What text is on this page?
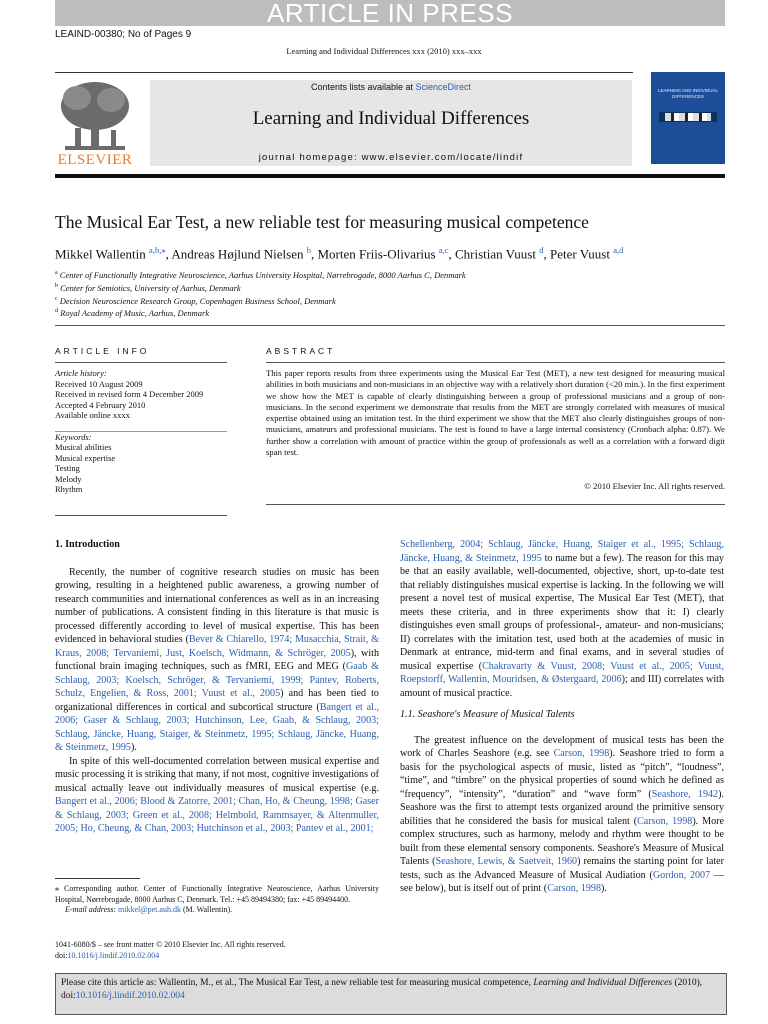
ARTICLE IN PRESS
LEAIND-00380; No of Pages 9
Learning and Individual Differences xxx (2010) xxx–xxx
ELSEVIER
Contents lists available at ScienceDirect
Learning and Individual Differences
journal homepage: www.elsevier.com/locate/lindif
LEARNING AND INDIVIDUAL DIFFERENCES
The Musical Ear Test, a new reliable test for measuring musical competence
Mikkel Wallentin $^{a,b,⁎}$, Andreas Højlund Nielsen $^b$, Morten Friis-Olivarius $^{a,c}$, Christian Vuust $^d$, Peter Vuust $^{a,d}$
$^a$ Center of Functionally Integrative Neuroscience, Aarhus University Hospital, Nørrebrogade, 8000 Aarhus C, Denmark
$^b$ Center for Semiotics, University of Aarhus, Denmark
$^c$ Decision Neuroscience Research Group, Copenhagen Business School, Denmark
$^d$ Royal Academy of Music, Aarhus, Denmark
ARTICLE INFO	ABSTRACT
Article history:
Received 10 August 2009
Received in revised form 4 December 2009
Accepted 4 February 2010
Available online xxxx
Keywords:
Musical abilities
Musical expertise
Testing
Melody
Rhythm
This paper reports results from three experiments using the Musical Ear Test (MET), a new test designed for measuring musical abilities in both musicians and non-musicians in an objective way with a relatively short duration (<20 min.). In the first experiment we show how the MET is capable of clearly distinguishing between a group of professional musicians and a group of non-musicians. In the second experiment we demonstrate that results from the MET are strongly correlated with measures of musical expertise obtained using an imitation test. In the third experiment we show that the MET also clearly distinguishes groups of non-musicians, amateurs and professional musicians. The test is found to have a large internal consistency (Cronbach alpha: 0.87). We further show a correlation with amount of practice within the group of professionals as well as a correlation with a forward digit span test.
© 2010 Elsevier Inc. All rights reserved.

1. Introduction

Recently, the number of cognitive research studies on music has been growing, resulting in a heightened public awareness, a growing number of research communities and international conferences as well as in an increasing number of publications. A consistent finding in this literature is that music is processed differently according to level of musical expertise. This has been evidenced in behavioral studies (Bever & Chiarello, 1974; Musacchia, Strait, & Kraus, 2008; Tervaniemi, Just, Koelsch, Widmann, & Schröger, 2005), with functional brain imaging techniques, such as fMRI, EEG and MEG (Gaab & Schlaug, 2003; Koelsch, Schröger, & Tervaniemi, 1999; Pantev, Roberts, Schulz, Engelien, & Ross, 2001; Vuust et al., 2005) and has been tied to organizational differences in cortical and subcortical structure (Bangert et al., 2006; Gaser & Schlaug, 2003; Hutchinson, Lee, Gaab, & Schlaug, 2003; Schlaug, Jäncke, Huang, Staiger, & Steinmetz, 1995; Schlaug, Jäncke, Huang, & Steinmetz, 1995).

In spite of this well-documented correlation between musical expertise and music processing it is striking that many, if not most, cognitive investigations of musical actually leave out individually measures of musical expertise (e.g. Bangert et al., 2006; Blood & Zatorre, 2001; Chan, Ho, & Cheung, 1998; Gaser & Schlaug, 2003; Green et al., 2008; Helmbold, Rammsayer, & Altenmuller, 2005; Ho, Cheung, & Chan, 2003; Hutchinson et al., 2003; Pantev et al., 2001;

Schellenberg, 2004; Schlaug, Jäncke, Huang, Staiger et al., 1995; Schlaug, Jäncke, Huang, & Steinmetz, 1995 to name but a few). The reason for this may be that an easily available, well-documented, objective, short, up-to-date test that reliably distinguishes musical expertise is lacking. In the following we will present a novel test of musical expertise, The Musical Ear Test (MET), that meets these criteria, and in three experiments show that it: I) clearly distinguishes even small groups of professional-, amateur- and non-musicians; II) correlates with the imitation test, used both at the academies of music in Denmark at entrance, mid-term and final exams, and in several studies of musical expertise (Chakravarty & Vuust, 2008; Vuust et al., 2005; Vuust, Roepstorff, Wallentin, Mouridsen, & Østergaard, 2006); and III) correlates with amount of musical practice.

1.1. Seashore's Measure of Musical Talents

The greatest influence on the development of musical tests has been the work of Charles Seashore (e.g. see Carson, 1998). Seashore tried to form a basis for the psychological aspects of music, listed as “pitch”, “loudness”, “time”, and “timbre” on the physical properties of sound which he defined as “frequency”, “intensity”, “duration” and “wave form” (Seashore, 1942). Seashore was the first to attempt tests organized around the primitive sensory abilities that he considered the basis for musical talent (Carson, 1998). More complex structures, such as harmony, melody and rhythm were thought to be built from these elemental sensory components. Seashore's Measure of Musical Talents (Seashore, Lewis, & Saetveit, 1960) remains the starting point for later tests, such as the Advanced Measure of Musical Audiation (Gordon, 2007 — see below), but is itself out of print (Carson, 1998).

⁎ Corresponding author. Center of Functionally Integrative Neuroscience, Aarhus University Hospital, Nørrebrogade, 8000 Aarhus C, Denmark. Tel.: +45 89494380; fax: +45 89494400.
E-mail address: mikkel@pet.auh.dk (M. Wallentin).
1041-6080/$ – see front matter © 2010 Elsevier Inc. All rights reserved.
doi:10.1016/j.lindif.2010.02.004
Please cite this article as: Wallentin, M., et al., The Musical Ear Test, a new reliable test for measuring musical competence, Learning and Individual Differences (2010), doi:10.1016/j.lindif.2010.02.004
